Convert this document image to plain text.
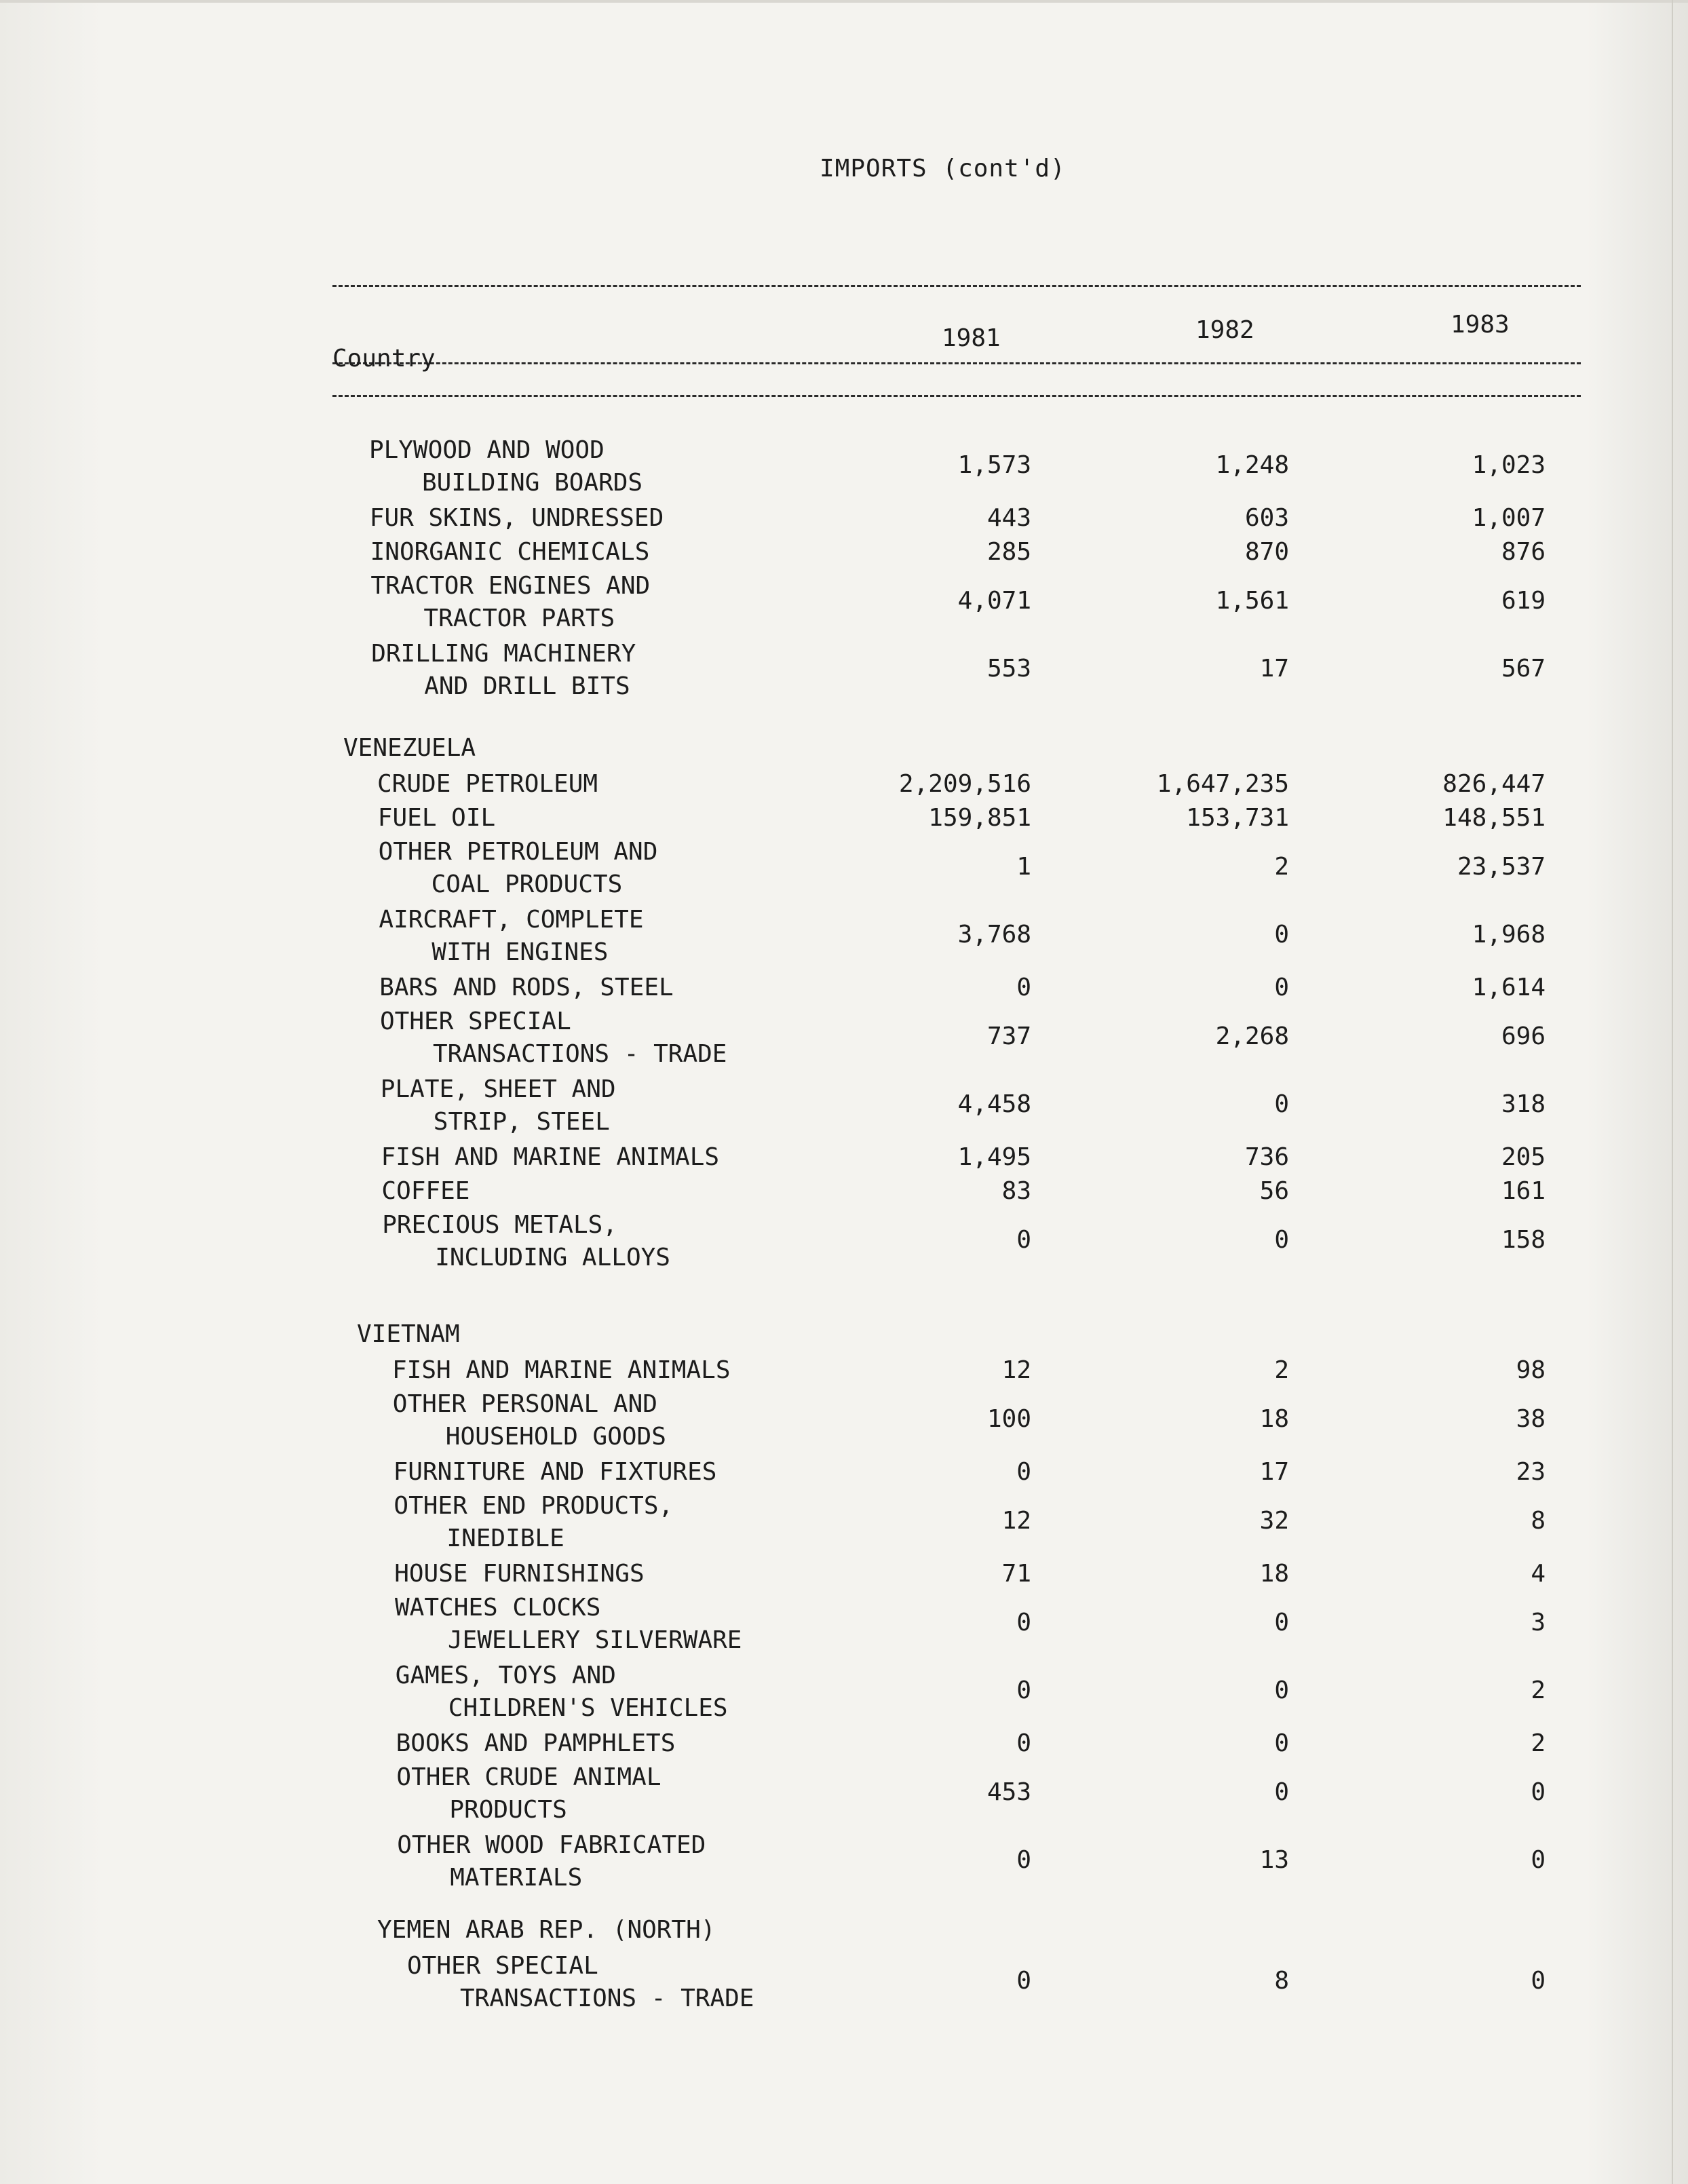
IMPORTS (cont'd)
Country
1981	1982	1983
PLYWOOD AND WOOD
BUILDING BOARDS
1,573	1,248	1,023
FUR SKINS, UNDRESSED	443	603	1,007
INORGANIC CHEMICALS	285	870	876
TRACTOR ENGINES AND
TRACTOR PARTS
4,071	1,561	619
DRILLING MACHINERY
AND DRILL BITS
553	17	567
VENEZUELA
CRUDE PETROLEUM	2,209,516	1,647,235	826,447
FUEL OIL	159,851	153,731	148,551
OTHER PETROLEUM AND
COAL PRODUCTS
1	2	23,537
AIRCRAFT, COMPLETE
WITH ENGINES
3,768	0	1,968
BARS AND RODS, STEEL	0	0	1,614
OTHER SPECIAL
TRANSACTIONS - TRADE
737	2,268	696
PLATE, SHEET AND
STRIP, STEEL
4,458	0	318
FISH AND MARINE ANIMALS	1,495	736	205
COFFEE	83	56	161
PRECIOUS METALS,
INCLUDING ALLOYS
0	0	158
VIETNAM
FISH AND MARINE ANIMALS	12	2	98
OTHER PERSONAL AND
HOUSEHOLD GOODS
100	18	38
FURNITURE AND FIXTURES	0	17	23
OTHER END PRODUCTS,
INEDIBLE
12	32	8
HOUSE FURNISHINGS	71	18	4
WATCHES CLOCKS
JEWELLERY SILVERWARE
0	0	3
GAMES, TOYS AND
CHILDREN'S VEHICLES
0	0	2
BOOKS AND PAMPHLETS	0	0	2
OTHER CRUDE ANIMAL
PRODUCTS
453	0	0
OTHER WOOD FABRICATED
MATERIALS
0	13	0
YEMEN ARAB REP. (NORTH)
OTHER SPECIAL
TRANSACTIONS - TRADE
0	8	0
